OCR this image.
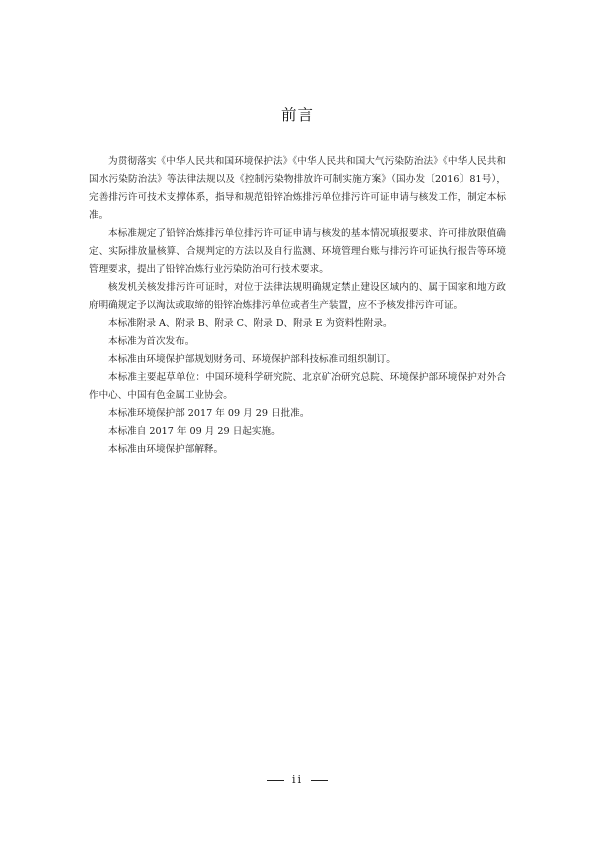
前言

为贯彻落实《中华人民共和国环境保护法》《中华人民共和国大气污染防治法》《中华人民共和国水污染防治法》等法律法规以及《控制污染物排放许可制实施方案》（国办发〔2016〕81号），完善排污许可技术支撑体系，指导和规范铅锌冶炼排污单位排污许可证申请与核发工作，制定本标准。

本标准规定了铅锌冶炼排污单位排污许可证申请与核发的基本情况填报要求、许可排放限值确定、实际排放量核算、合规判定的方法以及自行监测、环境管理台账与排污许可证执行报告等环境管理要求，提出了铅锌冶炼行业污染防治可行技术要求。

核发机关核发排污许可证时，对位于法律法规明确规定禁止建设区域内的、属于国家和地方政府明确规定予以淘汰或取缔的铅锌冶炼排污单位或者生产装置，应不予核发排污许可证。

本标准附录 A、附录 B、附录 C、附录 D、附录 E 为资料性附录。

本标准为首次发布。

本标准由环境保护部规划财务司、环境保护部科技标准司组织制订。

本标准主要起草单位：中国环境科学研究院、北京矿冶研究总院、环境保护部环境保护对外合作中心、中国有色金属工业协会。

本标准环境保护部 2017 年 09 月 29 日批准。

本标准自 2017 年 09 月 29 日起实施。

本标准由环境保护部解释。

ii
